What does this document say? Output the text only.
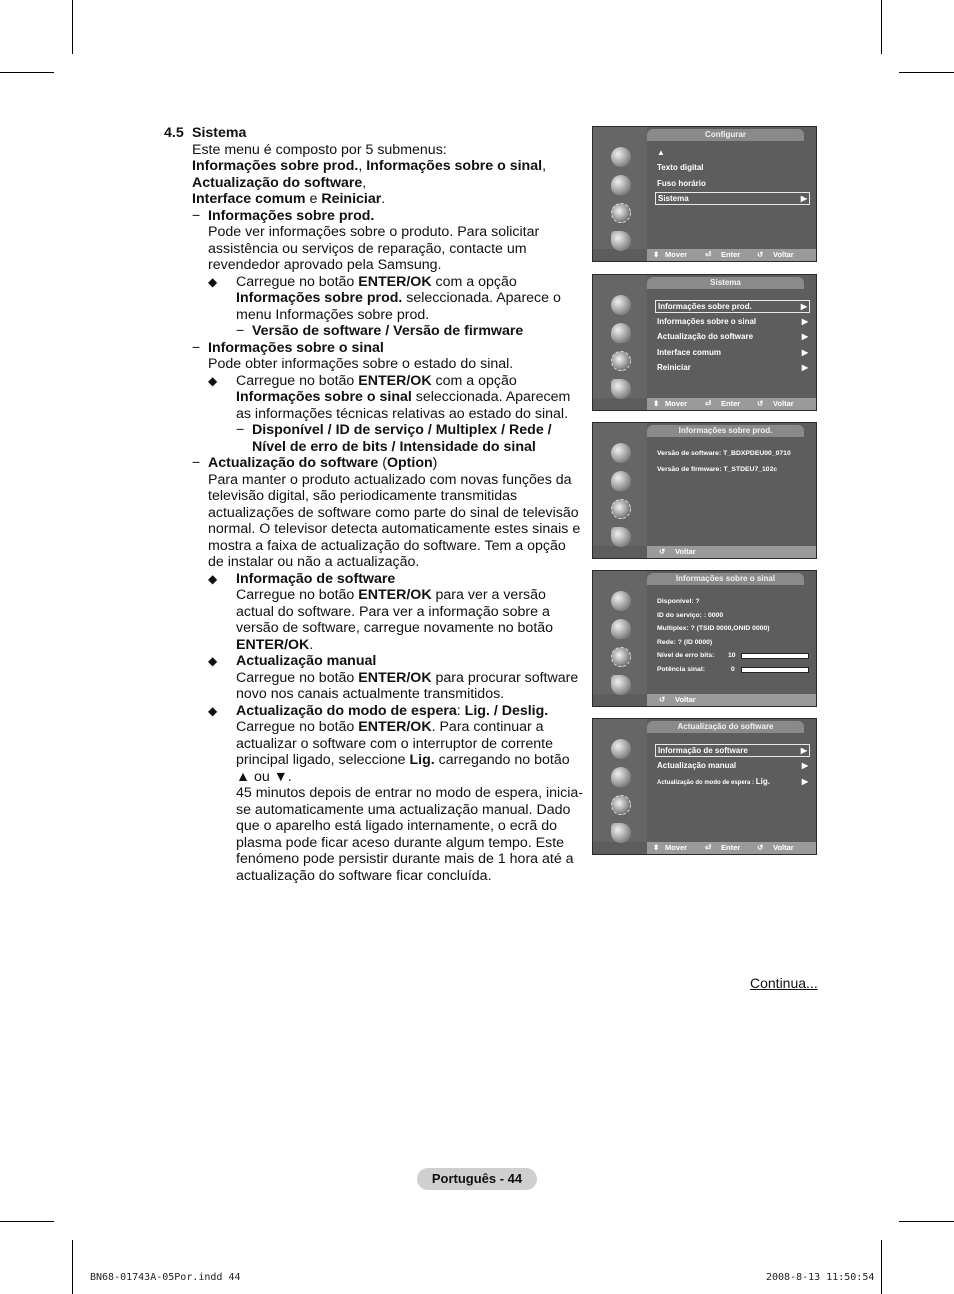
4.5 Sistema

Este menu é composto por 5 submenus:

Informações sobre prod., Informações sobre o sinal,

Actualização do software,

Interface comum e Reiniciar.

− Informações sobre prod.

Pode ver informações sobre o produto. Para solicitar assistência ou serviços de reparação, contacte um revendedor aprovado pela Samsung.

◆	Carregue no botão ENTER/OK com a opção Informações sobre prod. seleccionada. Aparece o menu Informações sobre prod.

− Versão de software / Versão de firmware
− Informações sobre o sinal

Pode obter informações sobre o estado do sinal.

◆	Carregue no botão ENTER/OK com a opção Informações sobre o sinal seleccionada. Aparecem as informações técnicas relativas ao estado do sinal.

− Disponível / ID de serviço / Multiplex / Rede / Nível de erro de bits / Intensidade do sinal
− Actualização do software (Option)

Para manter o produto actualizado com novas funções da televisão digital, são periodicamente transmitidas actualizações de software como parte do sinal de televisão normal. O televisor detecta automaticamente estes sinais e mostra a faixa de actualização do software. Tem a opção de instalar ou não a actualização.

◆	Informação de software
Carregue no botão ENTER/OK para ver a versão actual do software. Para ver a informação sobre a versão de software, carregue novamente no botão ENTER/OK.

◆	Actualização manual
Carregue no botão ENTER/OK para procurar software novo nos canais actualmente transmitidos.

◆	Actualização do modo de espera: Lig. / Deslig.
Carregue no botão ENTER/OK. Para continuar a actualizar o software com o interruptor de corrente principal ligado, seleccione Lig. carregando no botão ▲ ou ▼.
45 minutos depois de entrar no modo de espera, inicia-se automaticamente uma actualização manual. Dado que o aparelho está ligado internamente, o ecrã do plasma pode ficar aceso durante algum tempo. Este fenómeno pode persistir durante mais de 1 hora até a actualização do software ficar concluída.

Configurar
▲
Texto digital
Fuso horário
Sistema	▶
⬍ Mover ⏎ Enter ↺ Voltar
Sistema
Informações sobre prod.	▶
Informações sobre o sinal	▶
Actualização do software	▶
Interface comum	▶
Reiniciar	▶
⬍ Mover ⏎ Enter ↺ Voltar
Informações sobre prod.
Versão de software: T_BDXPDEU00_0710
Versão de firmware: T_STDEU7_102c
↺ Voltar
Informações sobre o sinal
Disponível: ?
ID do serviço: : 0000
Multiplex: ? (TSID 0000,ONID 0000)
Rede: ? (ID 0000)
Nível de erro bits: 10
Potência sinal:	0
↺ Voltar
Actualização do software
Informação de software	▶
Actualização manual	▶
Actualização do modo de espera : Lig.	▶
⬍ Mover ⏎ Enter ↺ Voltar
Continua...
Português - 44
BN68-01743A-05Por.indd 44	2008-8-13 11:50:54
